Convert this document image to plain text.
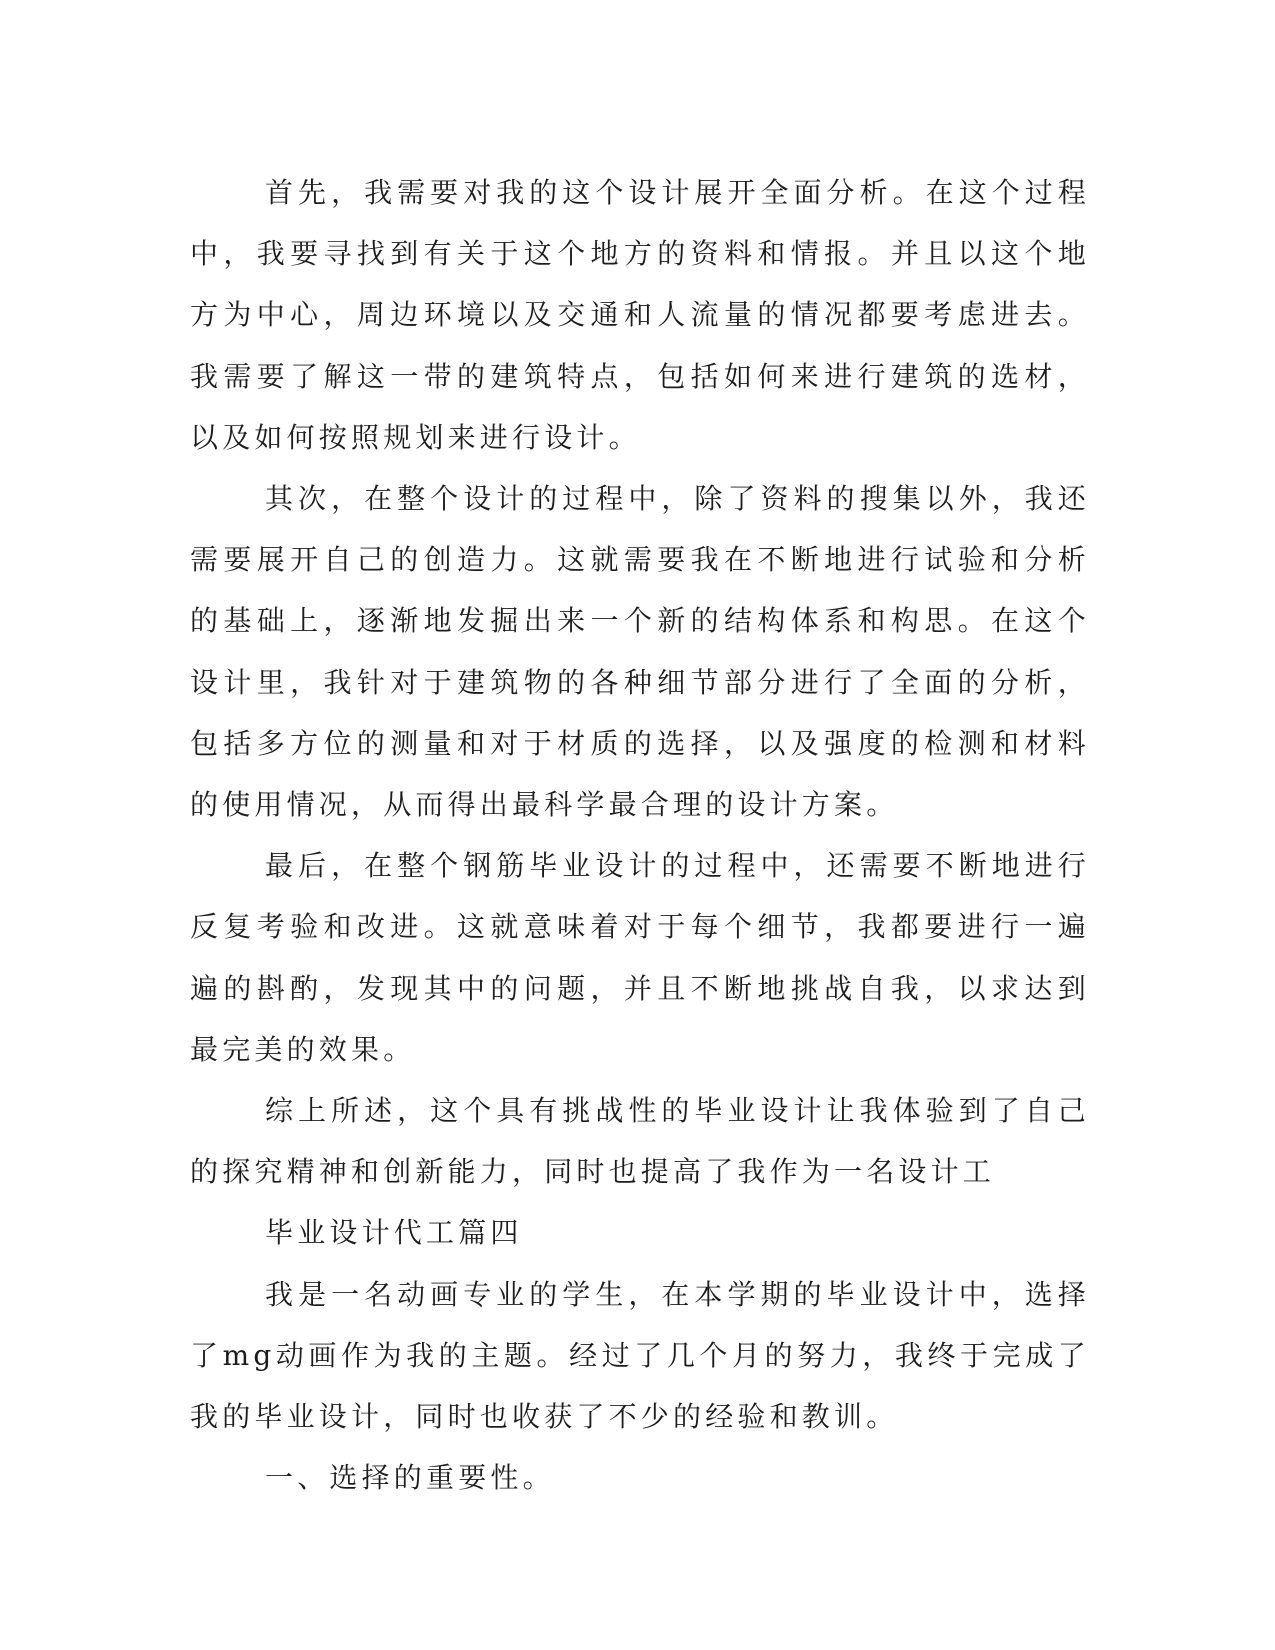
首先，我需要对我的这个设计展开全面分析。在这个过程中，我要寻找到有关于这个地方的资料和情报。并且以这个地方为中心，周边环境以及交通和人流量的情况都要考虑进去。我需要了解这一带的建筑特点，包括如何来进行建筑的选材，以及如何按照规划来进行设计。

其次，在整个设计的过程中，除了资料的搜集以外，我还需要展开自己的创造力。这就需要我在不断地进行试验和分析的基础上，逐渐地发掘出来一个新的结构体系和构思。在这个设计里，我针对于建筑物的各种细节部分进行了全面的分析，包括多方位的测量和对于材质的选择，以及强度的检测和材料的使用情况，从而得出最科学最合理的设计方案。

最后，在整个钢筋毕业设计的过程中，还需要不断地进行反复考验和改进。这就意味着对于每个细节，我都要进行一遍遍的斟酌，发现其中的问题，并且不断地挑战自我，以求达到最完美的效果。

综上所述，这个具有挑战性的毕业设计让我体验到了自己的探究精神和创新能力，同时也提高了我作为一名设计工

毕业设计代工篇四

我是一名动画专业的学生，在本学期的毕业设计中，选择了mg动画作为我的主题。经过了几个月的努力，我终于完成了我的毕业设计，同时也收获了不少的经验和教训。

一、选择的重要性。
